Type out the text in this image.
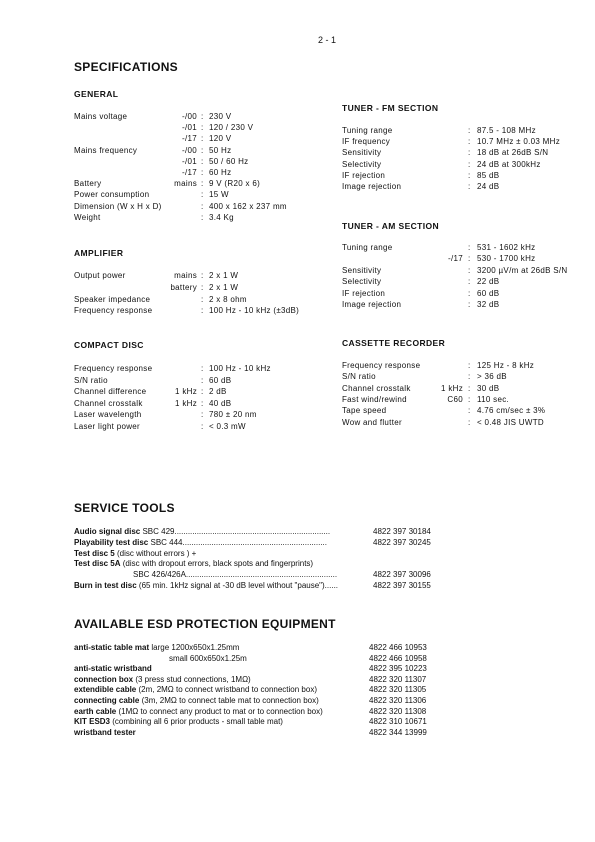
2 - 1
SPECIFICATIONS
GENERAL
Mains voltage	-/00 : 230 V
-/01 : 120 / 230 V
-/17 : 120 V
Mains frequency	-/00 : 50 Hz
-/01 : 50 / 60 Hz
-/17 : 60 Hz
Battery	mains : 9 V (R20 x 6)
Power consumption	: 15 W
Dimension (W x H x D)	: 400 x 162 x 237 mm
Weight	: 3.4 Kg
AMPLIFIER
Output power	mains : 2 x 1 W
battery : 2 x 1 W
Speaker impedance	: 2 x 8 ohm
Frequency response	: 100 Hz - 10 kHz (±3dB)
COMPACT DISC
Frequency response	: 100 Hz - 10 kHz
S/N ratio	: 60 dB
Channel difference	1 kHz : 2 dB
Channel crosstalk	1 kHz : 40 dB
Laser wavelength	: 780 ± 20 nm
Laser light power	: < 0.3 mW
TUNER - FM SECTION
Tuning range	: 87.5 - 108 MHz
IF frequency	: 10.7 MHz ± 0.03 MHz
Sensitivity	: 18 dB at 26dB S/N
Selectivity	: 24 dB at 300kHz
IF rejection	: 85 dB
Image rejection	: 24 dB
TUNER - AM SECTION
Tuning range	: 531 - 1602 kHz
-/17 : 530 - 1700 kHz
Sensitivity	: 3200 µV/m at 26dB S/N
Selectivity	: 22 dB
IF rejection	: 60 dB
Image rejection	: 32 dB
CASSETTE RECORDER
Frequency response	: 125 Hz - 8 kHz
S/N ratio	: > 36 dB
Channel crosstalk	1 kHz : 30 dB
Fast wind/rewind	C60 : 110 sec.
Tape speed	: 4.76 cm/sec ± 3%
Wow and flutter	: < 0.48 JIS UWTD
SERVICE TOOLS
Audio signal disc SBC 429......................................................................	4822 397 30184
Playability test disc SBC 444.................................................................	4822 397 30245
Test disc 5 (disc without errors ) +
Test disc 5A (disc with dropout errors, black spots and fingerprints)
SBC 426/426A....................................................................	4822 397 30096
Burn in test disc (65 min. 1kHz signal at -30 dB level without "pause")......	4822 397 30155
AVAILABLE ESD PROTECTION EQUIPMENT
anti-static table mat large 1200x650x1.25mm	4822 466 10953
small 600x650x1.25m	4822 466 10958
anti-static wristband	4822 395 10223
connection box (3 press stud connections, 1MΩ)	4822 320 11307
extendible cable (2m, 2MΩ to connect wristband to connection box)	4822 320 11305
connecting cable (3m, 2MΩ to connect table mat to connection box)	4822 320 11306
earth cable (1MΩ to connect any product to mat or to connection box)	4822 320 11308
KIT ESD3 (combining all 6 prior products - small table mat)	4822 310 10671
wristband tester	4822 344 13999
